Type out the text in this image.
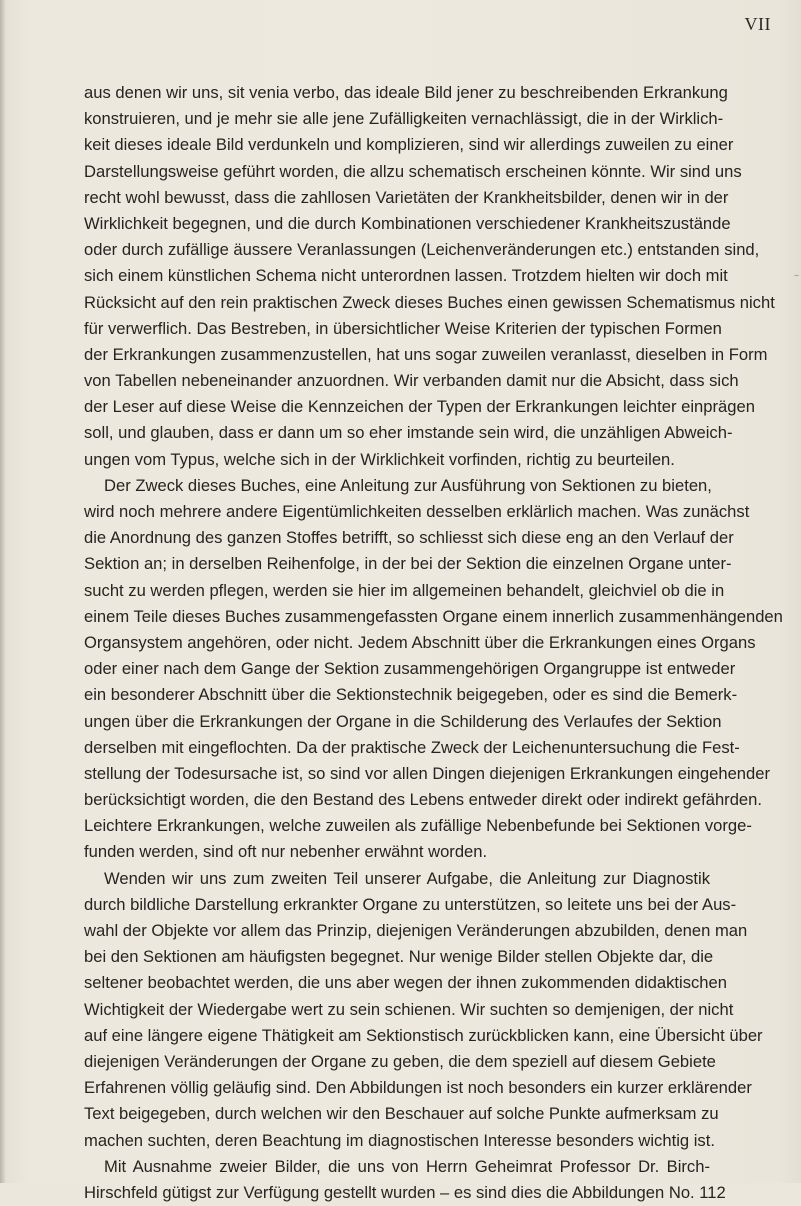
VII
aus denen wir uns, sit venia verbo, das ideale Bild jener zu beschreibenden Erkrankung
konstruieren, und je mehr sie alle jene Zufälligkeiten vernachlässigt, die in der Wirklich-
keit dieses ideale Bild verdunkeln und komplizieren, sind wir allerdings zuweilen zu einer
Darstellungsweise geführt worden, die allzu schematisch erscheinen könnte. Wir sind uns
recht wohl bewusst, dass die zahllosen Varietäten der Krankheitsbilder, denen wir in der
Wirklichkeit begegnen, und die durch Kombinationen verschiedener Krankheitszustände
oder durch zufällige äussere Veranlassungen (Leichenveränderungen etc.) entstanden sind,
sich einem künstlichen Schema nicht unterordnen lassen. Trotzdem hielten wir doch mit
Rücksicht auf den rein praktischen Zweck dieses Buches einen gewissen Schematismus nicht
für verwerflich. Das Bestreben, in übersichtlicher Weise Kriterien der typischen Formen
der Erkrankungen zusammenzustellen, hat uns sogar zuweilen veranlasst, dieselben in Form
von Tabellen nebeneinander anzuordnen. Wir verbanden damit nur die Absicht, dass sich
der Leser auf diese Weise die Kennzeichen der Typen der Erkrankungen leichter einprägen
soll, und glauben, dass er dann um so eher imstande sein wird, die unzähligen Abweich-
ungen vom Typus, welche sich in der Wirklichkeit vorfinden, richtig zu beurteilen.
Der Zweck dieses Buches, eine Anleitung zur Ausführung von Sektionen zu bieten,
wird noch mehrere andere Eigentümlichkeiten desselben erklärlich machen. Was zunächst
die Anordnung des ganzen Stoffes betrifft, so schliesst sich diese eng an den Verlauf der
Sektion an; in derselben Reihenfolge, in der bei der Sektion die einzelnen Organe unter-
sucht zu werden pflegen, werden sie hier im allgemeinen behandelt, gleichviel ob die in
einem Teile dieses Buches zusammengefassten Organe einem innerlich zusammenhängenden
Organsystem angehören, oder nicht. Jedem Abschnitt über die Erkrankungen eines Organs
oder einer nach dem Gange der Sektion zusammengehörigen Organgruppe ist entweder
ein besonderer Abschnitt über die Sektionstechnik beigegeben, oder es sind die Bemerk-
ungen über die Erkrankungen der Organe in die Schilderung des Verlaufes der Sektion
derselben mit eingeflochten. Da der praktische Zweck der Leichenuntersuchung die Fest-
stellung der Todesursache ist, so sind vor allen Dingen diejenigen Erkrankungen eingehender
berücksichtigt worden, die den Bestand des Lebens entweder direkt oder indirekt gefährden.
Leichtere Erkrankungen, welche zuweilen als zufällige Nebenbefunde bei Sektionen vorge-
funden werden, sind oft nur nebenher erwähnt worden.
Wenden wir uns zum zweiten Teil unserer Aufgabe, die Anleitung zur Diagnostik
durch bildliche Darstellung erkrankter Organe zu unterstützen, so leitete uns bei der Aus-
wahl der Objekte vor allem das Prinzip, diejenigen Veränderungen abzubilden, denen man
bei den Sektionen am häufigsten begegnet. Nur wenige Bilder stellen Objekte dar, die
seltener beobachtet werden, die uns aber wegen der ihnen zukommenden didaktischen
Wichtigkeit der Wiedergabe wert zu sein schienen. Wir suchten so demjenigen, der nicht
auf eine längere eigene Thätigkeit am Sektionstisch zurückblicken kann, eine Übersicht über
diejenigen Veränderungen der Organe zu geben, die dem speziell auf diesem Gebiete
Erfahrenen völlig geläufig sind. Den Abbildungen ist noch besonders ein kurzer erklärender
Text beigegeben, durch welchen wir den Beschauer auf solche Punkte aufmerksam zu
machen suchten, deren Beachtung im diagnostischen Interesse besonders wichtig ist.
Mit Ausnahme zweier Bilder, die uns von Herrn Geheimrat Professor Dr. Birch-
Hirschfeld gütigst zur Verfügung gestellt wurden – es sind dies die Abbildungen No. 112
–
